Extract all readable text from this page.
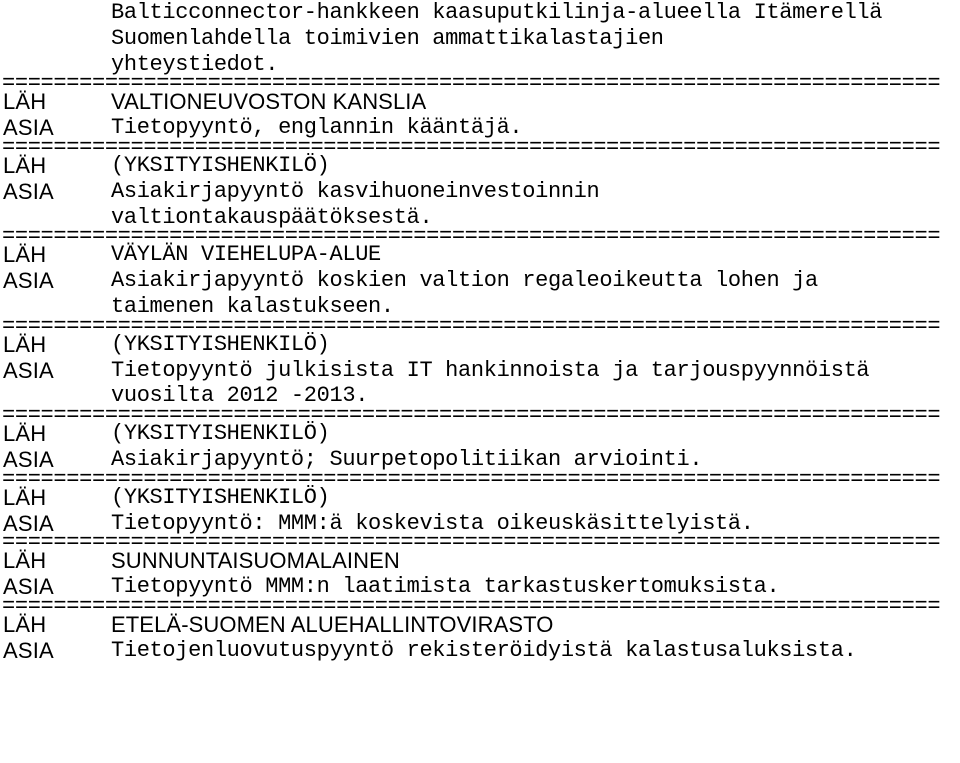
Balticconnector-hankkeen kaasuputkilinja-alueella Itämerellä

Suomenlahdella toimivien ammattikalastajien

yhteystiedot.

=========================================================================

LÄH

	VALTIONEUVOSTON KANSLIA

ASIA

	Tietopyyntö, englannin kääntäjä.

=========================================================================

LÄH

	(YKSITYISHENKILÖ)

ASIA

	Asiakirjapyyntö kasvihuoneinvestoinnin

valtiontakauspäätöksestä.

=========================================================================

LÄH

	VÄYLÄN VIEHELUPA-ALUE

ASIA

	Asiakirjapyyntö koskien valtion regaleoikeutta lohen ja

taimenen kalastukseen.

=========================================================================

LÄH

	(YKSITYISHENKILÖ)

ASIA

	Tietopyyntö julkisista IT hankinnoista ja tarjouspyynnöistä

vuosilta 2012 -2013.

=========================================================================

LÄH

	(YKSITYISHENKILÖ)

ASIA

	Asiakirjapyyntö; Suurpetopolitiikan arviointi.

=========================================================================

LÄH

	(YKSITYISHENKILÖ)

ASIA

	Tietopyyntö: MMM:ä koskevista oikeuskäsittelyistä.

=========================================================================

LÄH

	SUNNUNTAISUOMALAINEN

ASIA

	Tietopyyntö MMM:n laatimista tarkastuskertomuksista.

=========================================================================

LÄH

	ETELÄ-SUOMEN ALUEHALLINTOVIRASTO

ASIA

	Tietojenluovutuspyyntö rekisteröidyistä kalastusaluksista.
